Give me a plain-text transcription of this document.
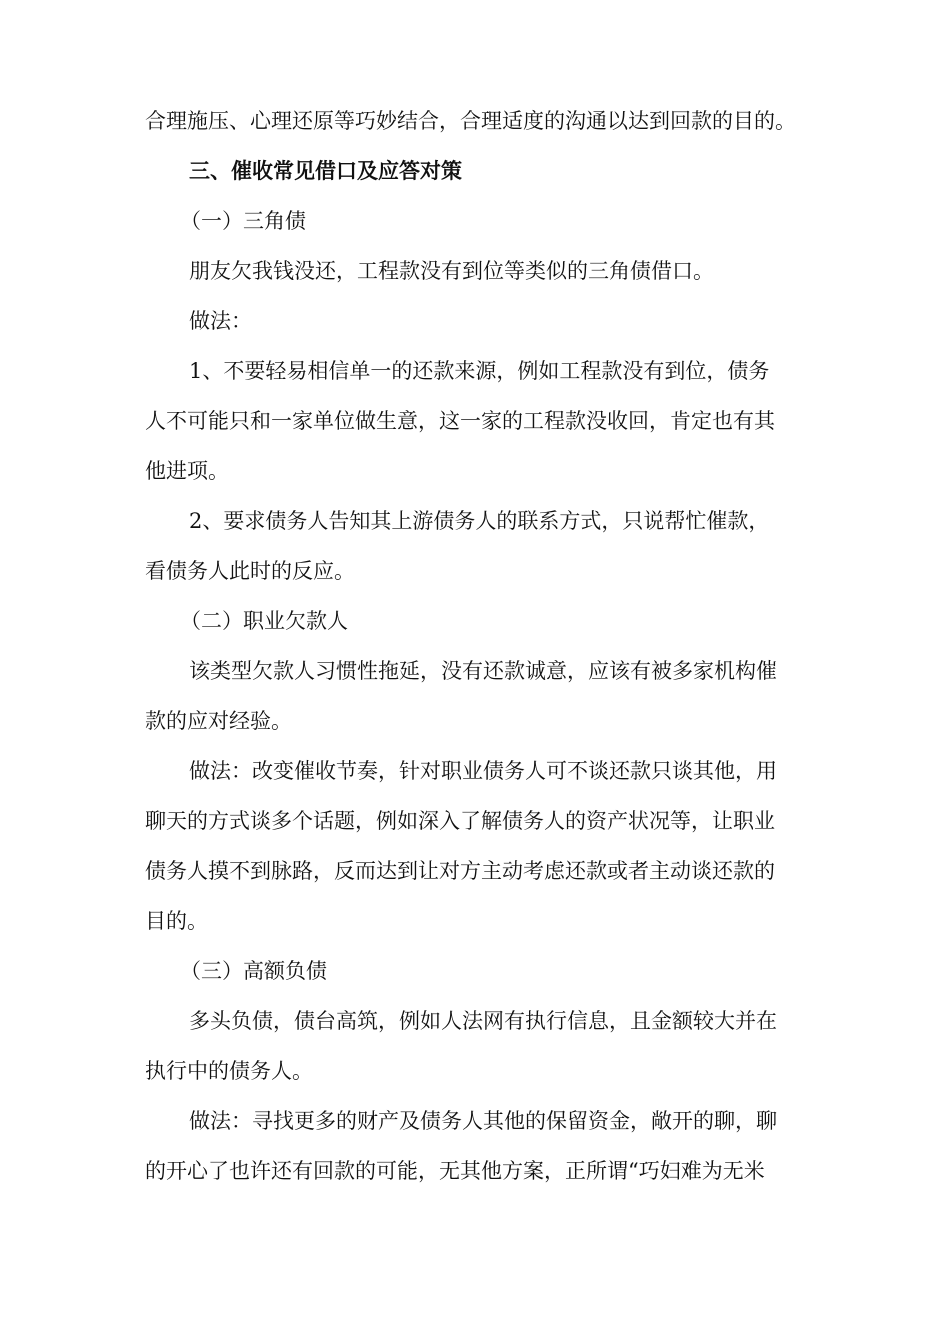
合理施压、心理还原等巧妙结合，合理适度的沟通以达到回款的目的。
三、催收常见借口及应答对策
（一）三角债
朋友欠我钱没还，工程款没有到位等类似的三角债借口。
做法：
1、不要轻易相信单一的还款来源，例如工程款没有到位，债务
人不可能只和一家单位做生意，这一家的工程款没收回，肯定也有其
他进项。
2、要求债务人告知其上游债务人的联系方式，只说帮忙催款，
看债务人此时的反应。
（二）职业欠款人
该类型欠款人习惯性拖延，没有还款诚意，应该有被多家机构催
款的应对经验。
做法：改变催收节奏，针对职业债务人可不谈还款只谈其他，用
聊天的方式谈多个话题，例如深入了解债务人的资产状况等，让职业
债务人摸不到脉路，反而达到让对方主动考虑还款或者主动谈还款的
目的。
（三）高额负债
多头负债，债台高筑，例如人法网有执行信息，且金额较大并在
执行中的债务人。
做法：寻找更多的财产及债务人其他的保留资金，敞开的聊，聊
的开心了也许还有回款的可能，无其他方案，正所谓“巧妇难为无米
